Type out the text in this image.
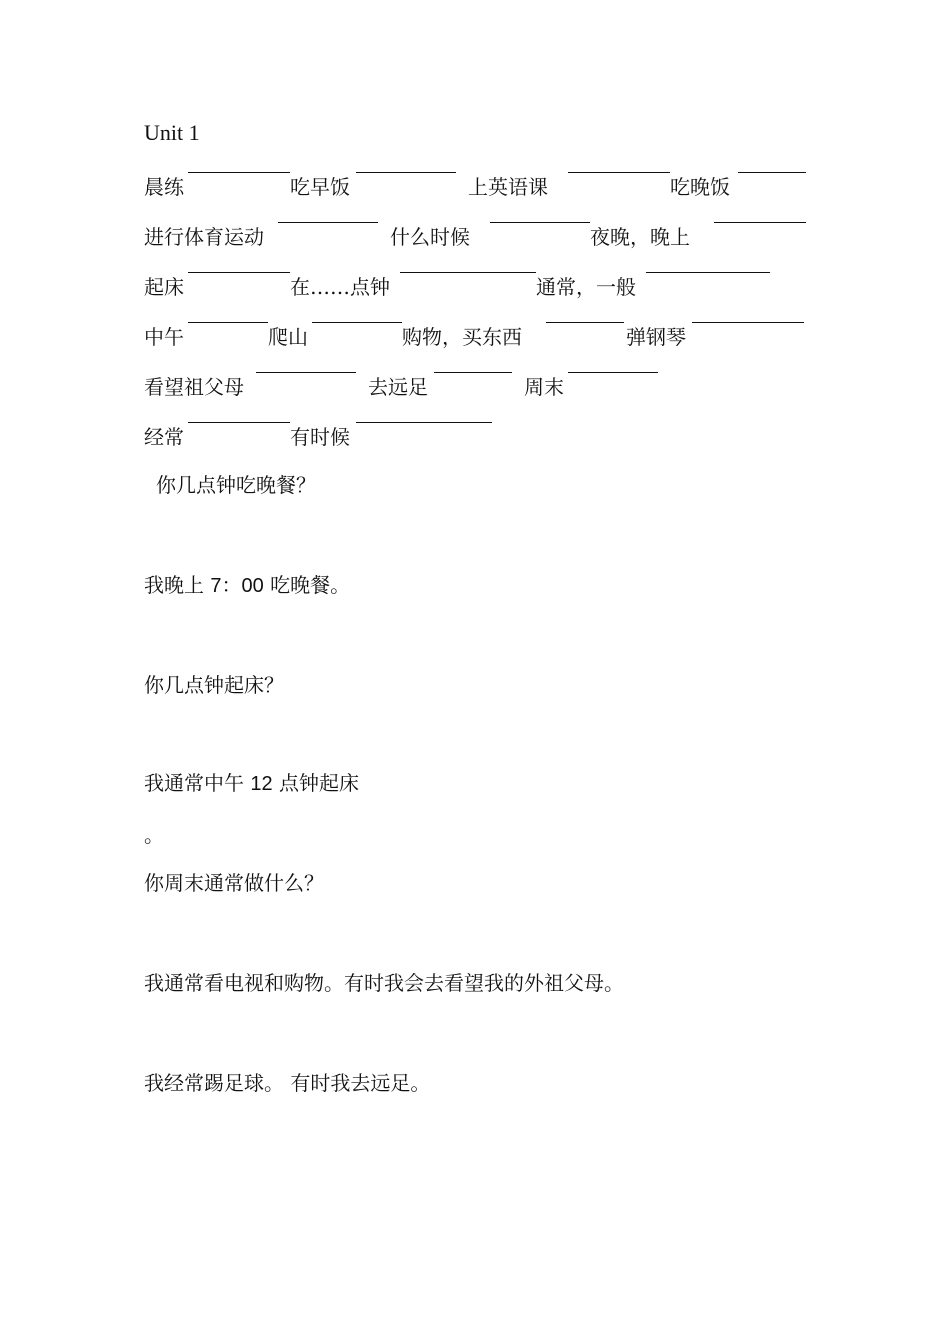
Unit 1
晨练	吃早饭	上英语课	吃晚饭
进行体育运动	什么时候	夜晚，晚上
起床	在……点钟	通常，一般
中午	爬山	购物，买东西	弹钢琴
看望祖父母	去远足	周末
经常	有时候
你几点钟吃晚餐？
我晚上 7：00 吃晚餐。
你几点钟起床？
我通常中午 12 点钟起床
。
你周末通常做什么？
我通常看电视和购物。有时我会去看望我的外祖父母。
我经常踢足球。 有时我去远足。
